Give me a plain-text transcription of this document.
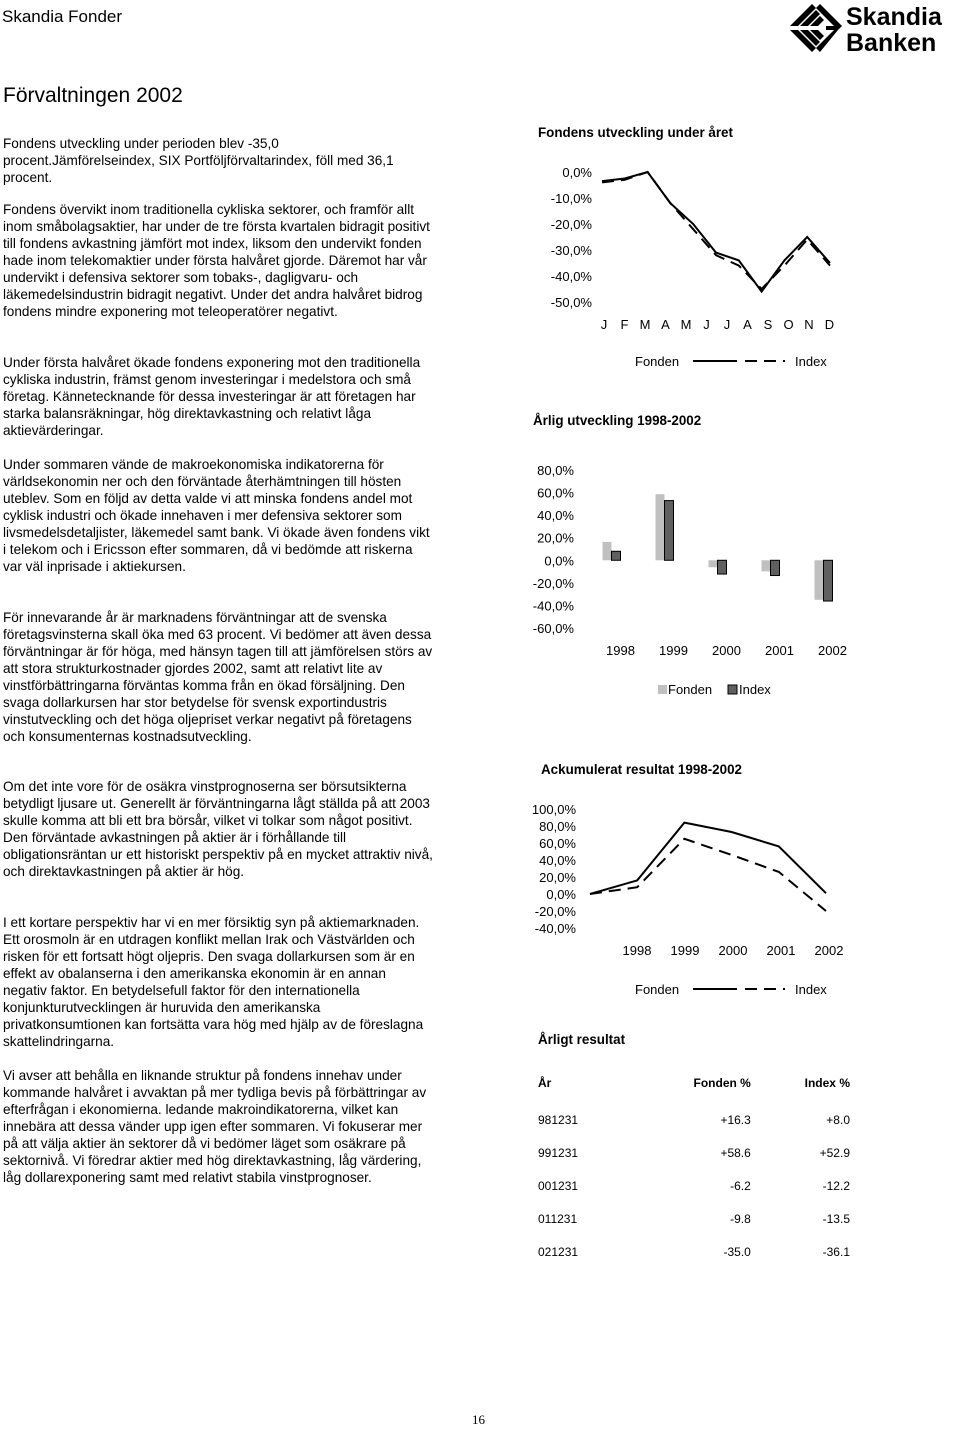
Skandia Fonder	Skandia
Banken
Förvaltningen 2002

Fondens utveckling under perioden blev -35,0 procent.Jämförelseindex, SIX Portföljförvaltarindex, föll med 36,1 procent.

Fondens övervikt inom traditionella cykliska sektorer, och framför allt inom småbolagsaktier, har under de tre första kvartalen bidragit positivt till fondens avkastning jämfört mot index, liksom den undervikt fonden hade inom telekomaktier under första halvåret gjorde. Däremot har vår undervikt i defensiva sektorer som tobaks-, dagligvaru- och läkemedelsindustrin bidragit negativt. Under det andra halvåret bidrog fondens mindre exponering mot teleoperatörer negativt.

Under första halvåret ökade fondens exponering mot den traditionella cykliska industrin, främst genom investeringar i medelstora och små företag. Kännetecknande för dessa investeringar är att företagen har starka balansräkningar, hög direktavkastning och relativt låga aktievärderingar.

Under sommaren vände de makroekonomiska indikatorerna för världsekonomin ner och den förväntade återhämtningen till hösten uteblev. Som en följd av detta valde vi att minska fondens andel mot cyklisk industri och ökade innehaven i mer defensiva sektorer som livsmedelsdetaljister, läkemedel samt bank. Vi ökade även fondens vikt i telekom och i Ericsson efter sommaren, då vi bedömde att riskerna var väl inprisade i aktiekursen.

För innevarande år är marknadens förväntningar att de svenska företagsvinsterna skall öka med 63 procent. Vi bedömer att även dessa förväntningar är för höga, med hänsyn tagen till att jämförelsen störs av att stora strukturkostnader gjordes 2002, samt att relativt lite av vinstförbättringarna förväntas komma från en ökad försäljning. Den svaga dollarkursen har stor betydelse för svensk exportindustris vinstutveckling och det höga oljepriset verkar negativt på företagens och konsumenternas kostnadsutveckling.

Om det inte vore för de osäkra vinstprognoserna ser börsutsikterna betydligt ljusare ut. Generellt är förväntningarna lågt ställda på att 2003 skulle komma att bli ett bra börsår, vilket vi tolkar som något positivt. Den förväntade avkastningen på aktier är i förhållande till obligationsräntan ur ett historiskt perspektiv på en mycket attraktiv nivå, och direktavkastningen på aktier är hög.

I ett kortare perspektiv har vi en mer försiktig syn på aktiemarknaden. Ett orosmoln är en utdragen konflikt mellan Irak och Västvärlden och risken för ett fortsatt högt oljepris. Den svaga dollarkursen som är en effekt av obalanserna i den amerikanska ekonomin är en annan negativ faktor. En betydelsefull faktor för den internationella konjunkturutvecklingen är huruvida den amerikanska privatkonsumtionen kan fortsätta vara hög med hjälp av de föreslagna skattelindringarna.

Vi avser att behålla en liknande struktur på fondens innehav under kommande halvåret i avvaktan på mer tydliga bevis på förbättringar av efterfrågan i ekonomierna. ledande makroindikatorerna, vilket kan innebära att dessa vänder upp igen efter sommaren. Vi fokuserar mer på att välja aktier än sektorer då vi bedömer läget som osäkrare på sektornivå. Vi föredrar aktier med hög direktavkastning, låg värdering, låg dollarexponering samt med relativt stabila vinstprognoser.

Fondens utveckling under året
0,0%
-10,0%
-20,0%
-30,0%
-40,0%
-50,0%
J F M A M J J A S O N D
Fonden	Index
Årlig utveckling 1998-2002
80,0%
60,0%
40,0%
20,0%
0,0%
-20,0%
-40,0%
-60,0%
1998 1999 2000 2001 2002
Fonden Index
Ackumulerat resultat 1998-2002
100,0%
80,0%
60,0%
40,0%
20,0%
0,0%
-20,0%
-40,0%
1998 1999 2000 2001 2002
Fonden	Index
Årligt resultat
År	Fonden %	Index %
981231	+16.3	+8.0
991231	+58.6	+52.9
001231	-6.2	-12.2
011231	-9.8	-13.5
021231	-35.0	-36.1
16
